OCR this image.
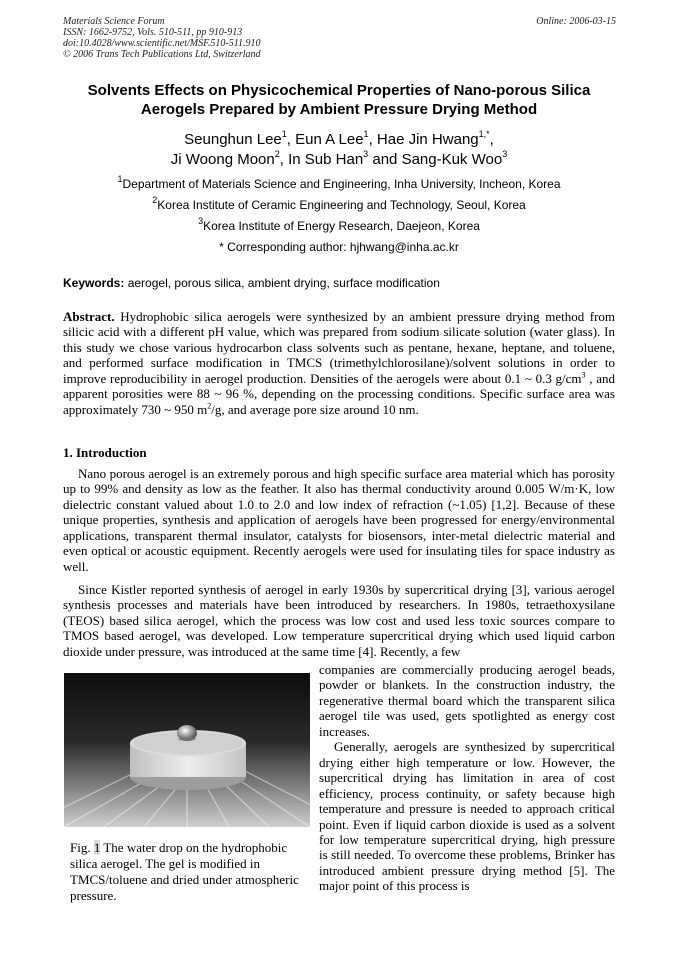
Materials Science Forum
ISSN: 1662-9752, Vols. 510-511, pp 910-913
doi:10.4028/www.scientific.net/MSF.510-511.910
© 2006 Trans Tech Publications Ltd, Switzerland
Online: 2006-03-15
Solvents Effects on Physicochemical Properties of Nano-porous Silica
Aerogels Prepared by Ambient Pressure Drying Method
Seunghun Lee$^1$, Eun A Lee$^1$, Hae Jin Hwang$^{1,*}$,
Ji Woong Moon$^2$, In Sub Han$^3$ and Sang-Kuk Woo$^3$
$^1$Department of Materials Science and Engineering, Inha University, Incheon, Korea
$^2$Korea Institute of Ceramic Engineering and Technology, Seoul, Korea
$^3$Korea Institute of Energy Research, Daejeon, Korea
* Corresponding author: hjhwang@inha.ac.kr
Keywords: aerogel, porous silica, ambient drying, surface modification
Abstract. Hydrophobic silica aerogels were synthesized by an ambient pressure drying method from silicic acid with a different pH value, which was prepared from sodium silicate solution (water glass). In this study we chose various hydrocarbon class solvents such as pentane, hexane, heptane, and toluene, and performed surface modification in TMCS (trimethylchlorosilane)/solvent solutions in order to improve reproducibility in aerogel production. Densities of the aerogels were about 0.1 ~ 0.3 $g/cm^3$ , and apparent porosities were 88 ~ 96 %, depending on the processing conditions. Specific surface area was approximately 730 ~ 950 $m^2/g$, and average pore size around 10 nm.
1. Introduction
Nano porous aerogel is an extremely porous and high specific surface area material which has porosity up to 99% and density as low as the feather. It also has thermal conductivity around 0.005 W/m·K, low dielectric constant valued about 1.0 to 2.0 and low index of refraction (~1.05) [1,2]. Because of these unique properties, synthesis and application of aerogels have been progressed for energy/environmental applications, transparent thermal insulator, catalysts for biosensors, inter-metal dielectric material and even optical or acoustic equipment. Recently aerogels were used for insulating tiles for space industry as well.
Since Kistler reported synthesis of aerogel in early 1930s by supercritical drying [3], various aerogel synthesis processes and materials have been introduced by researchers. In 1980s, tetraethoxysilane (TEOS) based silica aerogel, which the process was low cost and used less toxic sources compare to TMOS based aerogel, was developed. Low temperature supercritical drying which used liquid carbon dioxide under pressure, was introduced at the same time [4]. Recently, a few
companies are commercially producing aerogel beads, powder or blankets. In the construction industry, the regenerative thermal board which the transparent silica aerogel tile was used, gets spotlighted as energy cost increases.
Generally, aerogels are synthesized by supercritical drying either high temperature or low. However, the supercritical drying has limitation in area of cost efficiency, process continuity, or safety because high temperature and pressure is needed to approach critical point. Even if liquid carbon dioxide is used as a solvent for low temperature supercritical drying, high pressure is still needed. To overcome these problems, Brinker has introduced ambient pressure drying method [5]. The major point of this process is
Fig. 1 The water drop on the hydrophobic silica aerogel. The gel is modified in TMCS/toluene and dried under atmospheric pressure.
